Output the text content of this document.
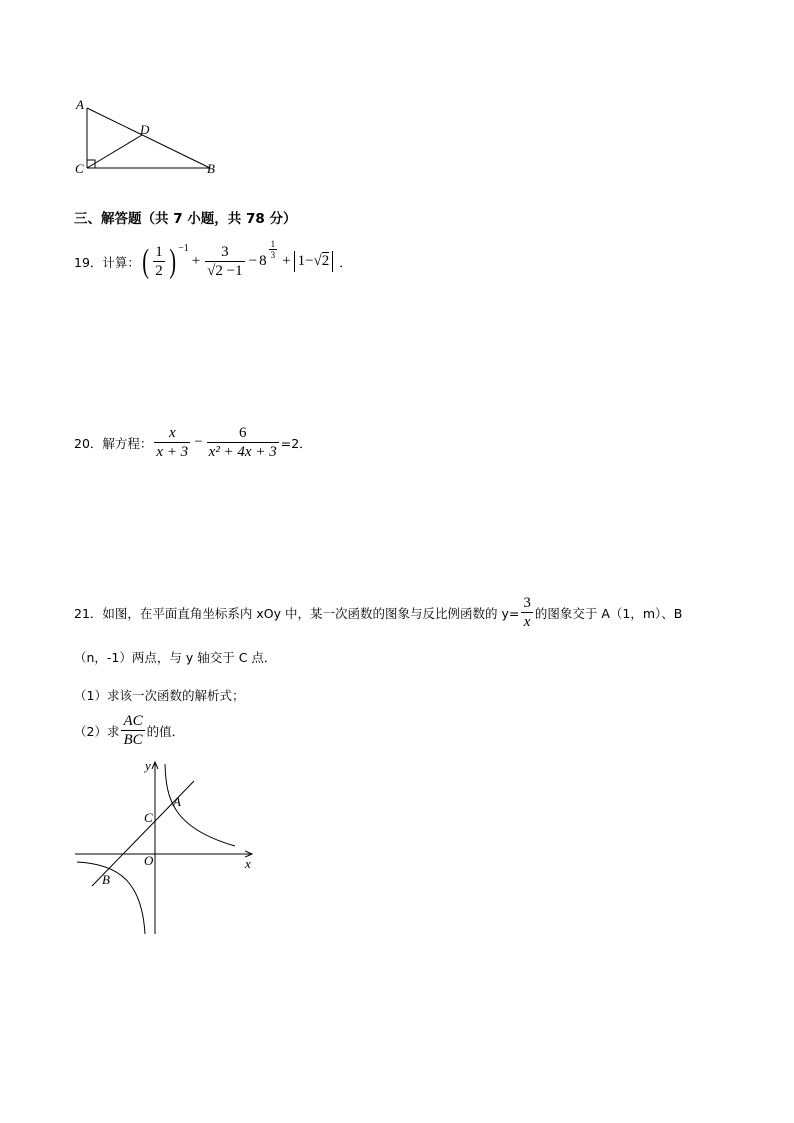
A
D
C	B
三、解答题（共 7 小题，共 78 分）
19．计算： ( $\frac{1}{2} )^{-1}$
+ $\frac{3}{√2 -1} - 8$
$\frac{1}{3}$
+ 1−√2 ．
20．解方程： $\frac{x}{x + 3} - \frac{6}{\text{x² + 4x + 3}} =2$．
21．如图，在平面直角坐标系内 xOy 中，某一次函数的图象与反比例函数的 $y= \frac{3}{x}$ 的图象交于 A（1，m）、B
（n，-1）两点，与 y 轴交于 C 点．
（1）求该一次函数的解析式；
（2）求 $\frac{AC}{BC}$ 的值．
y
x
O
C
A
B
